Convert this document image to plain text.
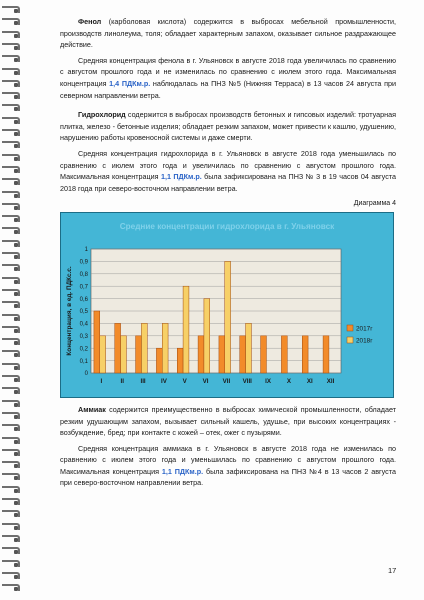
Фенол (карболовая кислота) содержится в выбросах мебельной промышленности, производств линолеума, толя; обладает характерным запахом, оказывает сильное раздражающее действие.

Средняя концентрация фенола в г. Ульяновск в августе 2018 года увеличилась по сравнению с августом прошлого года и не изменилась по сравнению с июлем этого года. Максимальная концентрация 1,4 ПДКм.р. наблюдалась на ПНЗ №5 (Нижняя Терраса) в 13 часов 24 августа при северном направлении ветра.

Гидрохлорид содержится в выбросах производств бетонных и гипсовых изделий: тротуарная плитка, железо - бетонные изделия; обладает резким запахом, может привести к кашлю, удушению, нарушению работы кровеносной системы и даже смерти.

Средняя концентрация гидрохлорида в г. Ульяновск в августе 2018 года уменьшилась по сравнению с июлем этого года и увеличилась по сравнению с августом прошлого года. Максимальная концентрация 1,1 ПДКм.р. была зафиксирована на ПНЗ № 3 в 19 часов 04 августа 2018 года при северо-восточном направлении ветра.

Диаграмма 4
Средние концентрации гидрохлорида в г. Ульяновск
0
0,1
0,2
0,3
0,4
0,5
0,6
0,7
0,8
0,9
1
Концентрация, в ед. ПДКс.с.
I	II	III IV	V	VI VII VIII IX	X	XI XII
2017г
2018г

Аммиак содержится преимущественно в выбросах химической промышленности, обладает резким удушающим запахом, вызывает сильный кашель, удушье, при высоких концентрациях - возбуждение, бред; при контакте с кожей – отек, ожег с пузырями.

Средняя концентрация аммиака в г. Ульяновск в августе 2018 года не изменилась по сравнению с июлем этого года и уменьшилась по сравнению с августом прошлого года. Максимальная концентрация 1,1 ПДКм.р. была зафиксирована на ПНЗ №4 в 13 часов 2 августа при северо-восточном направлении ветра.

17
